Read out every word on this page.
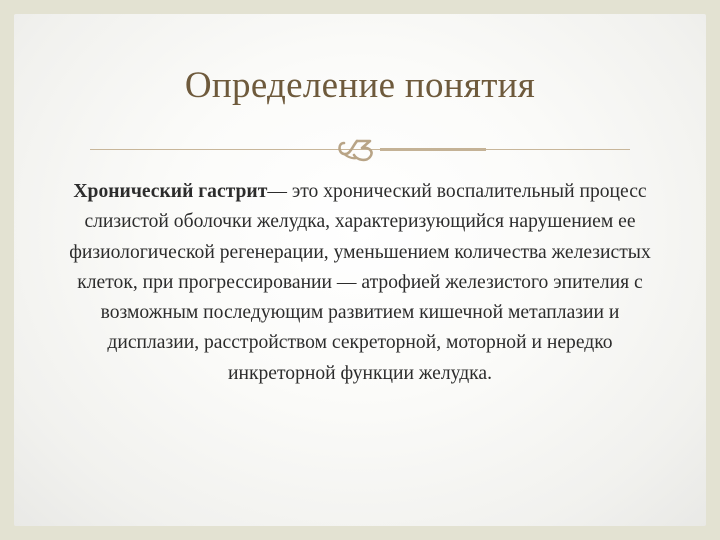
Определение понятия
Хронический гастрит— это хронический воспалительный процесс слизистой оболочки желудка, характеризующийся нарушением ее физиологической регенерации, уменьшением количества железистых клеток, при прогрессировании — атрофией железистого эпителия с возможным последующим развитием кишечной метаплазии и дисплазии, расстройством секреторной, моторной и нередко инкреторной функции желудка.
